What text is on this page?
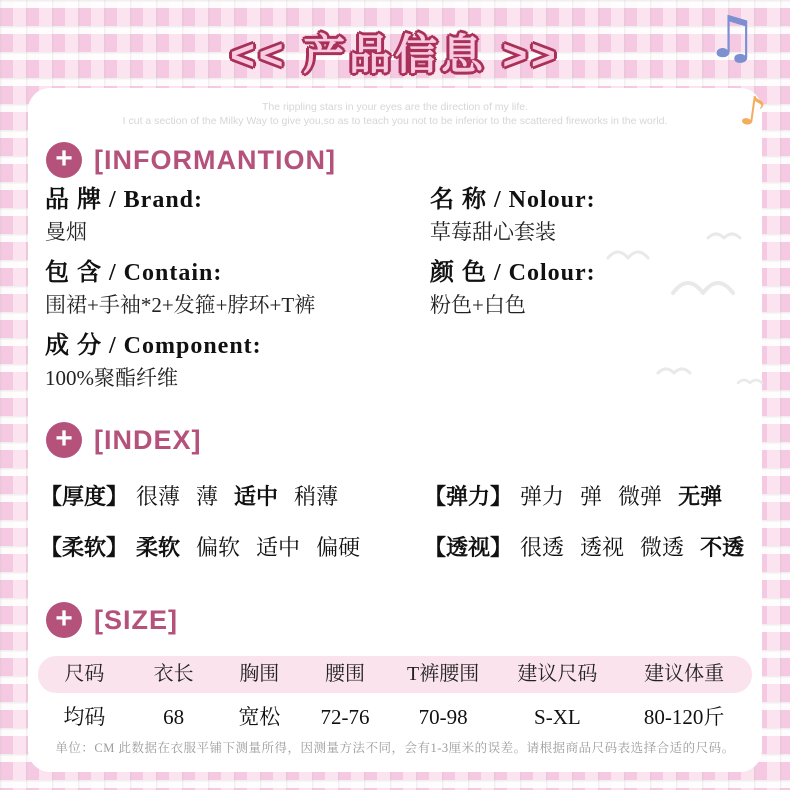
<< 产品信息 >>	♫
The rippling stars in your eyes are the direction of my life.
I cut a section of the Milky Way to give you,so as to teach you not to be inferior to the scattered fireworks in the world.
+ [INFORMANTION]
品 牌 / Brand:
曼烟
包 含 / Contain:
围裙+手袖*2+发箍+脖环+T裤
成 分 / Component:
100%聚酯纤维
名 称 / Nolour:
草莓甜心套装
颜 色 / Colour:
粉色+白色
+ [INDEX]
【厚度】 很薄 薄 适中 稍薄	【弹力】 弹力 弹 微弹 无弹
【柔软】 柔软 偏软 适中 偏硬	【透视】 很透 透视 微透 不透
+ [SIZE]
尺码	衣长	胸围	腰围	T裤腰围	建议尺码	建议体重
均码	68	宽松	72-76	70-98	S-XL	80-120斤
单位：CM 此数据在衣服平铺下测量所得，因测量方法不同，会有1-3厘米的误差。请根据商品尺码表选择合适的尺码。
♪
